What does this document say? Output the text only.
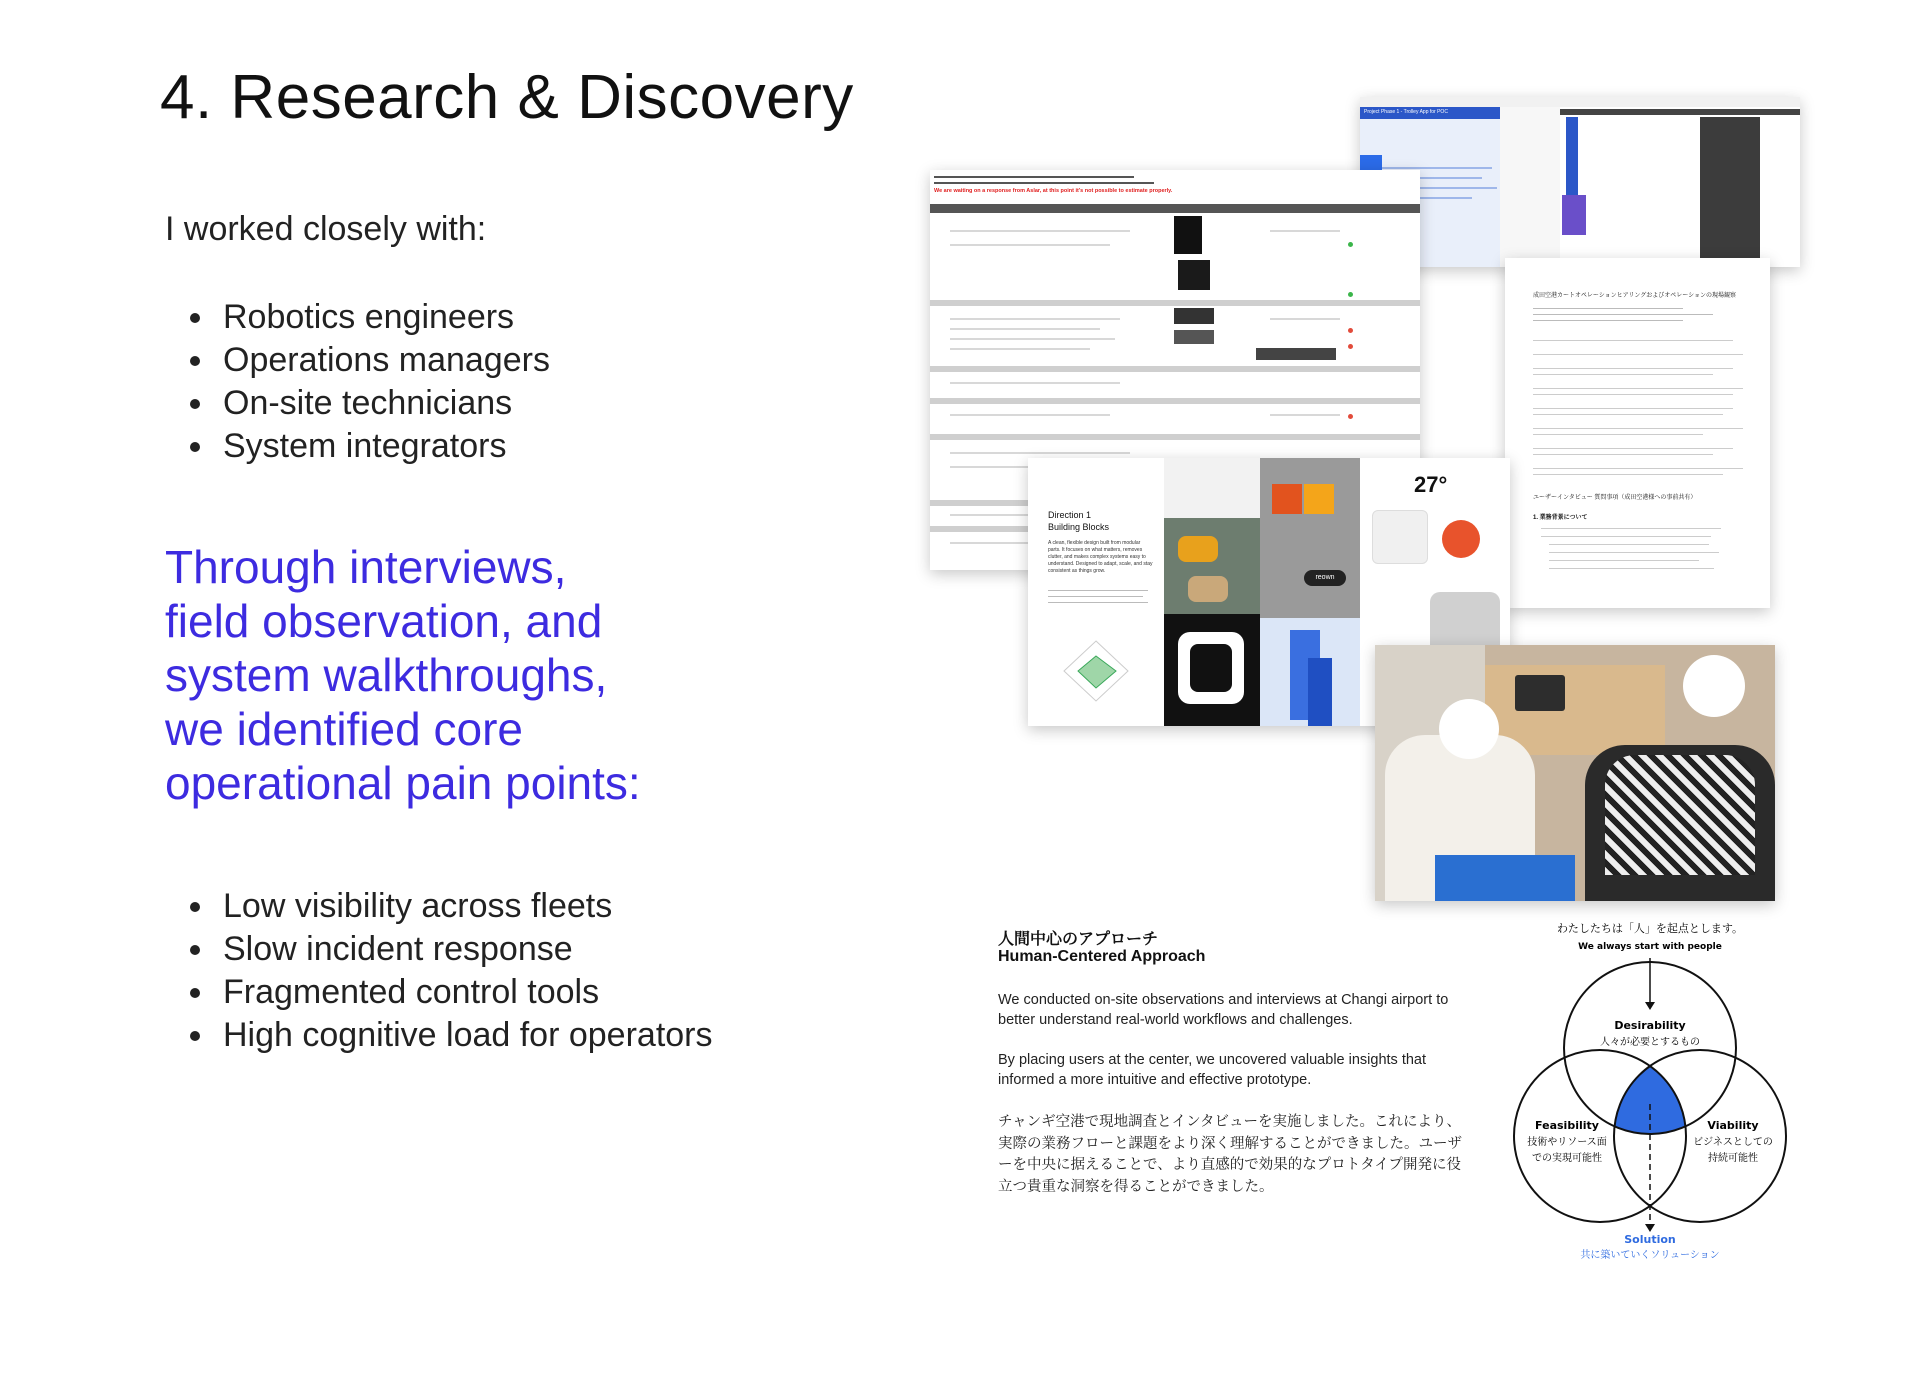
4. Research & Discovery
I worked closely with:
• Robotics engineers
• Operations managers
• On-site technicians
• System integrators
Through interviews,
field observation, and
system walkthroughs,
we identified core
operational pain points:
• Low visibility across fleets
• Slow incident response
• Fragmented control tools
• High cognitive load for operators
Project Phase 1 - Trolley App for POC
We are waiting on a response from Aslar, at this point it's not possible to estimate properly.
成田空港カートオペレーションヒアリングおよびオペレーションの現場観察
ユーザーインタビュー 質問事項（成田空港様への事前共有）
1. 業務背景について
Direction 1
Building Blocks
A clean, flexible design built from modular parts. It focuses on what matters, removes clutter, and makes complex systems easy to understand. Designed to adapt, scale, and stay consistent as things grow.
reown
27°
人間中心のアプローチ
Human-Centered Approach
We conducted on-site observations and interviews at Changi airport to better understand real-world workflows and challenges.
By placing users at the center, we uncovered valuable insights that informed a more intuitive and effective prototype.
チャンギ空港で現地調査とインタビューを実施しました。これにより、実際の業務フローと課題をより深く理解することができました。ユーザーを中央に据えることで、より直感的で効果的なプロトタイプ開発に役立つ貴重な洞察を得ることができました。
わたしたちは「人」を起点とします。
We always start with people
Desirability
人々が必要とするもの
Feasibility
技術やリソース面
での実現可能性
Viability
ビジネスとしての
持続可能性
Solution
共に築いていくソリューション
